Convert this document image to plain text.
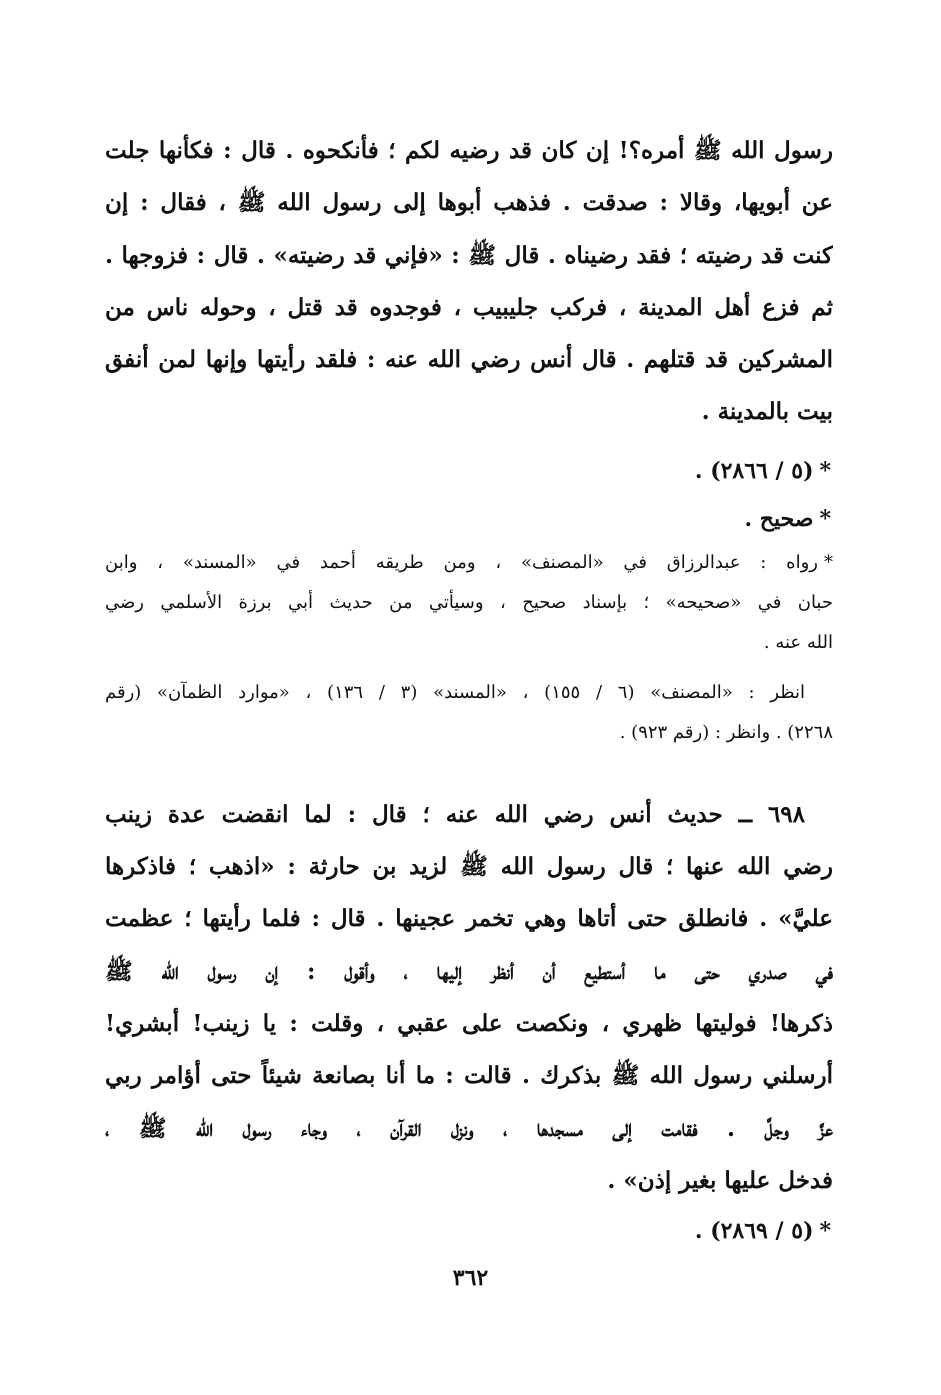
رسول الله ﷺ أمره؟! إن كان قد رضيه لكم ؛ فأنكحوه . قال : فكأنها جلت
عن أبويها، وقالا : صدقت . فذهب أبوها إلى رسول الله ﷺ ، فقال : إن
كنت قد رضيته ؛ فقد رضيناه . قال ﷺ : «فإني قد رضيته» . قال : فزوجها .
ثم فزع أهل المدينة ، فركب جليبيب ، فوجدوه قد قتل ، وحوله ناس من
المشركين قد قتلهم . قال أنس رضي الله عنه : فلقد رأيتها وإنها لمن أنفق
بيت بالمدينة .
*(٥ / ٢٨٦٦) .
*صحيح .
*رواه : عبدالرزاق في «المصنف» ، ومن طريقه أحمد في «المسند» ، وابن
حبان في «صحيحه» ؛ بإسناد صحيح ، وسيأتي من حديث أبي برزة الأسلمي رضي
الله عنه .
انظر : «المصنف» (٦ / ١٥٥) ، «المسند» (٣ / ١٣٦) ، «موارد الظمآن» (رقم
٢٢٦٨) . وانظر : (رقم ٩٢٣) .
٦٩٨ ــ حديث أنس رضي الله عنه ؛ قال : لما انقضت عدة زينب
رضي الله عنها ؛ قال رسول الله ﷺ لزيد بن حارثة : «اذهب ؛ فاذكرها
عليَّ» . فانطلق حتى أتاها وهي تخمر عجينها . قال : فلما رأيتها ؛ عظمت
في صدري حتى ما أستطيع أن أنظر إليها ، وأقول : إن رسول الله ﷺ
ذكرها! فوليتها ظهري ، ونكصت على عقبي ، وقلت : يا زينب! أبشري!
أرسلني رسول الله ﷺ بذكرك . قالت : ما أنا بصانعة شيئاً حتى أؤامر ربي
عزَّ وجلَّ . فقامت إلى مسجدها ، ونزل القرآن ، وجاء رسول الله ﷺ ،
فدخل عليها بغير إذن» .
*(٥ / ٢٨٦٩) .
٣٦٢
